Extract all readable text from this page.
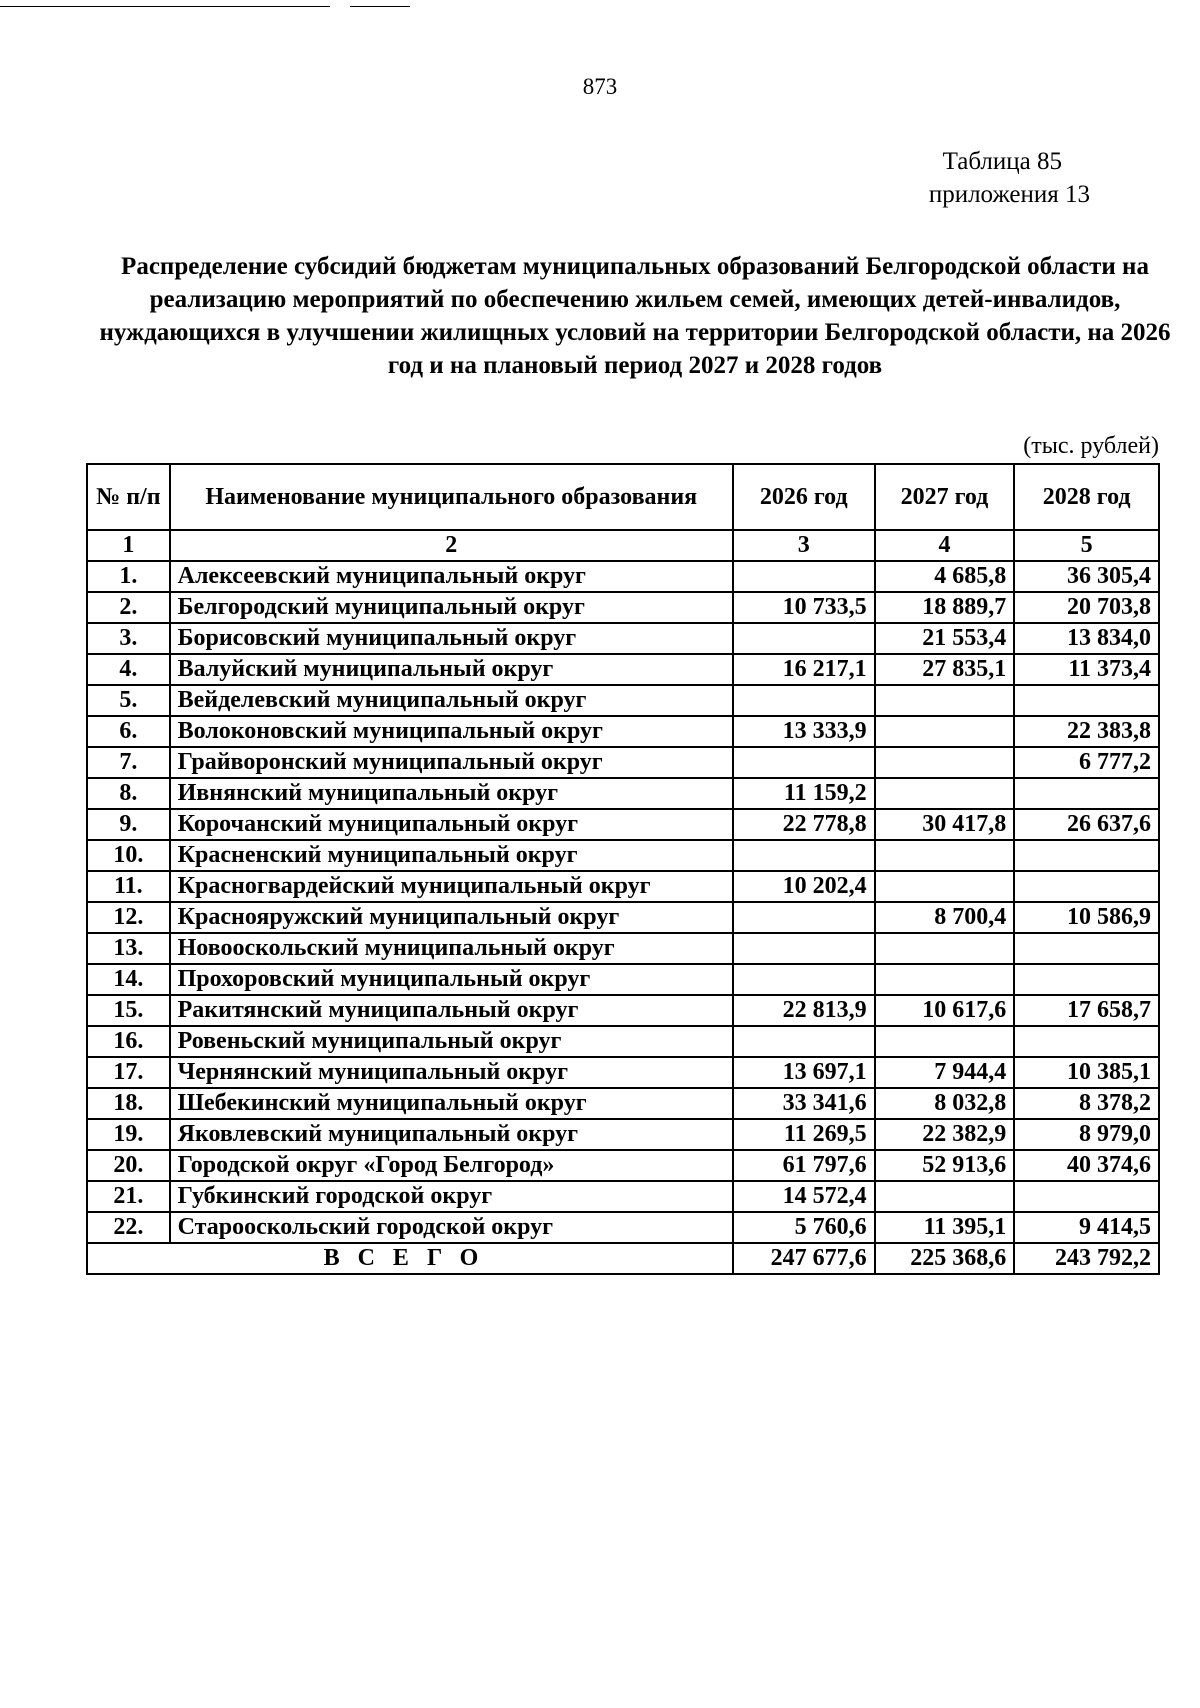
873
Таблица 85
приложения 13
Распределение субсидий бюджетам муниципальных образований Белгородской области на реализацию мероприятий по обеспечению жильем семей, имеющих детей-инвалидов, нуждающихся в улучшении жилищных условий на территории Белгородской области, на 2026 год и на плановый период 2027 и 2028 годов
(тыс. рублей)
№ п/п	Наименование муниципального образования	2026 год	2027 год	2028 год
1	2	3	4	5
1.	Алексеевский муниципальный округ		4 685,8	36 305,4
2.	Белгородский муниципальный округ	10 733,5	18 889,7	20 703,8
3.	Борисовский муниципальный округ		21 553,4	13 834,0
4.	Валуйский муниципальный округ	16 217,1	27 835,1	11 373,4
5.	Вейделевский муниципальный округ			
6.	Волоконовский муниципальный округ	13 333,9		22 383,8
7.	Грайворонский муниципальный округ			6 777,2
8.	Ивнянский муниципальный округ	11 159,2		
9.	Корочанский муниципальный округ	22 778,8	30 417,8	26 637,6
10.	Красненский муниципальный округ			
11.	Красногвардейский муниципальный округ	10 202,4		
12.	Краснояружский муниципальный округ		8 700,4	10 586,9
13.	Новооскольский муниципальный округ			
14.	Прохоровский муниципальный округ			
15.	Ракитянский муниципальный округ	22 813,9	10 617,6	17 658,7
16.	Ровеньский муниципальный округ			
17.	Чернянский муниципальный округ	13 697,1	7 944,4	10 385,1
18.	Шебекинский муниципальный округ	33 341,6	8 032,8	8 378,2
19.	Яковлевский муниципальный округ	11 269,5	22 382,9	8 979,0
20.	Городской округ «Город Белгород»	61 797,6	52 913,6	40 374,6
21.	Губкинский городской округ	14 572,4		
22.	Старооскольский городской округ	5 760,6	11 395,1	9 414,5
ВСЕГО		247 677,6	225 368,6	243 792,2
